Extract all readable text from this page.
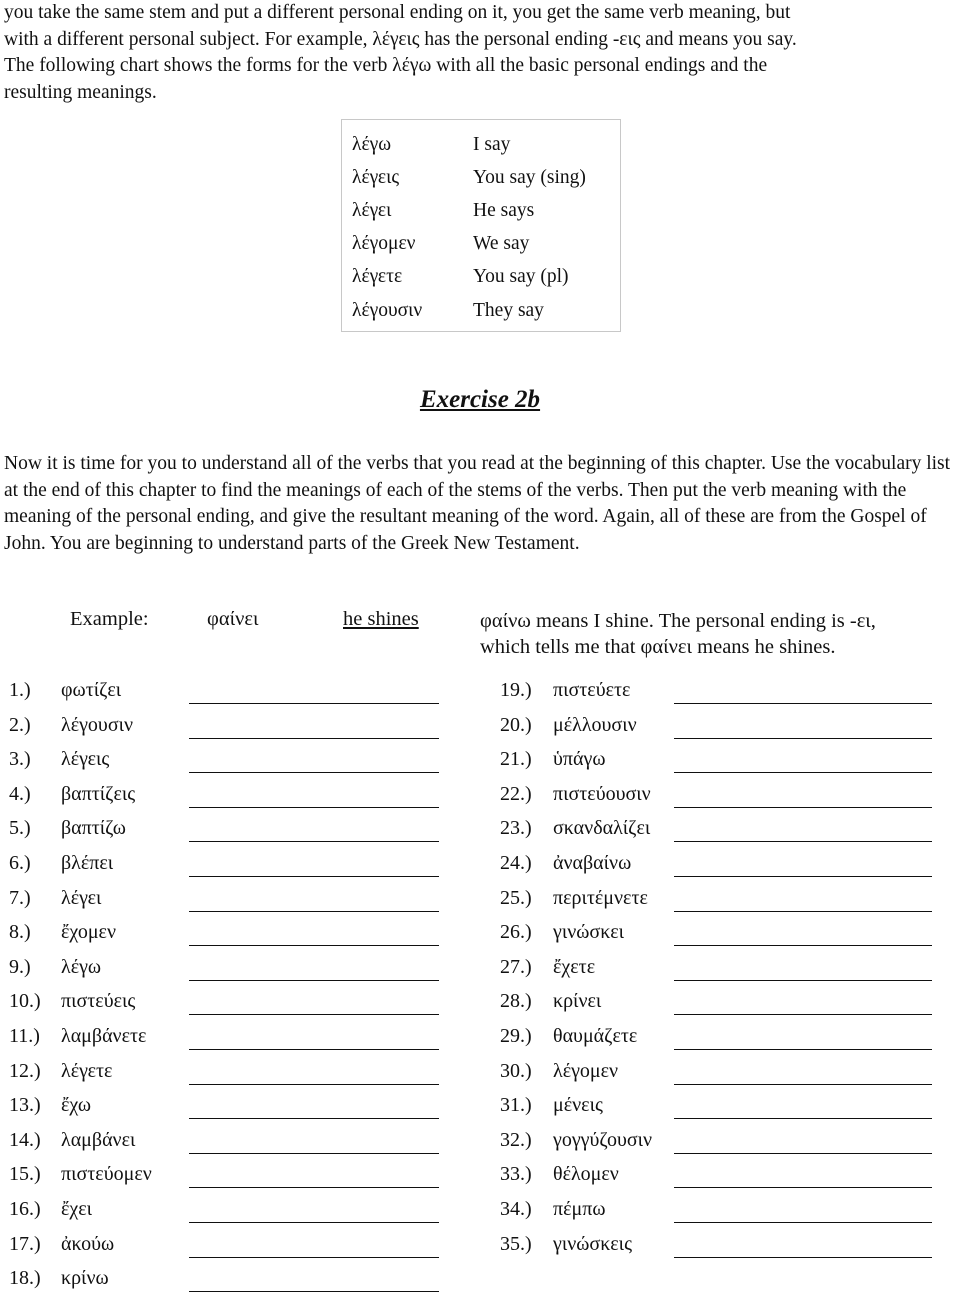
you take the same stem and put a different personal ending on it, you get the same verb meaning, but
with a different personal subject. For example, λέγεις has the personal ending -εις and means you say.
The following chart shows the forms for the verb λέγω with all the basic personal endings and the
resulting meanings.
λέγω	I say
λέγεις	You say (sing)
λέγει	He says
λέγομεν	We say
λέγετε	You say (pl)
λέγουσιν	They say
Exercise 2b

Now it is time for you to understand all of the verbs that you read at the beginning of this chapter. Use the vocabulary list at the end of this chapter to find the meanings of each of the stems of the verbs. Then put the verb meaning with the meaning of the personal ending, and give the resultant meaning of the word. Again, all of these are from the Gospel of John. You are beginning to understand parts of the Greek New Testament.

Example:	φαίνει	he shines	φαίνω means I shine. The personal ending is -ει,
which tells me that φαίνει means he shines.
1.) φωτίζει
2.) λέγουσιν
3.) λέγεις
4.) βαπτίζεις
5.) βαπτίζω
6.) βλέπει
7.) λέγει
8.) ἔχομεν
9.) λέγω
10.) πιστεύεις
11.) λαμβάνετε
12.) λέγετε
13.) ἔχω
14.) λαμβάνει
15.) πιστεύομεν
16.) ἔχει
17.) ἀκούω
18.) κρίνω
19.) πιστεύετε
20.) μέλλουσιν
21.) ὑπάγω
22.) πιστεύουσιν
23.) σκανδαλίζει
24.) ἀναβαίνω
25.) περιτέμνετε
26.) γινώσκει
27.) ἔχετε
28.) κρίνει
29.) θαυμάζετε
30.) λέγομεν
31.) μένεις
32.) γογγύζουσιν
33.) θέλομεν
34.) πέμπω
35.) γινώσκεις
